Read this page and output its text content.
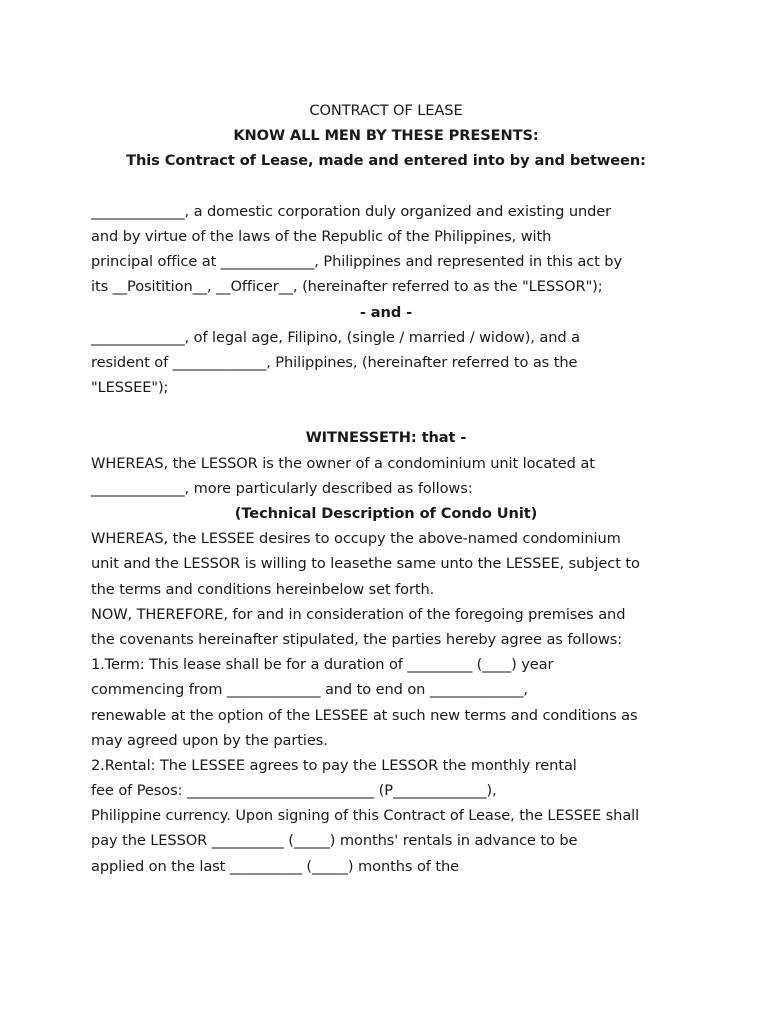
CONTRACT OF LEASE
KNOW ALL MEN BY THESE PRESENTS:
This Contract of Lease, made and entered into by and between:
_____________, a domestic corporation duly organized and existing under
and by virtue of the laws of the Republic of the Philippines, with
principal office at _____________, Philippines and represented in this act by
its __Positition__, __Officer__, (hereinafter referred to as the "LESSOR");
- and -
_____________, of legal age, Filipino, (single / married / widow), and a
resident of _____________, Philippines, (hereinafter referred to as the
"LESSEE");
WITNESSETH: that -
WHEREAS, the LESSOR is the owner of a condominium unit located at
_____________, more particularly described as follows:
(Technical Description of Condo Unit)
WHEREAS, the LESSEE desires to occupy the above-named condominium
unit and the LESSOR is willing to leasethe same unto the LESSEE, subject to
the terms and conditions hereinbelow set forth.
NOW, THEREFORE, for and in consideration of the foregoing premises and
the covenants hereinafter stipulated, the parties hereby agree as follows:
1.Term: This lease shall be for a duration of _________ (____) year
commencing from _____________ and to end on _____________,
renewable at the option of the LESSEE at such new terms and conditions as
may agreed upon by the parties.
2.Rental: The LESSEE agrees to pay the LESSOR the monthly rental
fee of Pesos: __________________________ (P_____________),
Philippine currency. Upon signing of this Contract of Lease, the LESSEE shall
pay the LESSOR __________ (_____) months' rentals in advance to be
applied on the last __________ (_____) months of the
